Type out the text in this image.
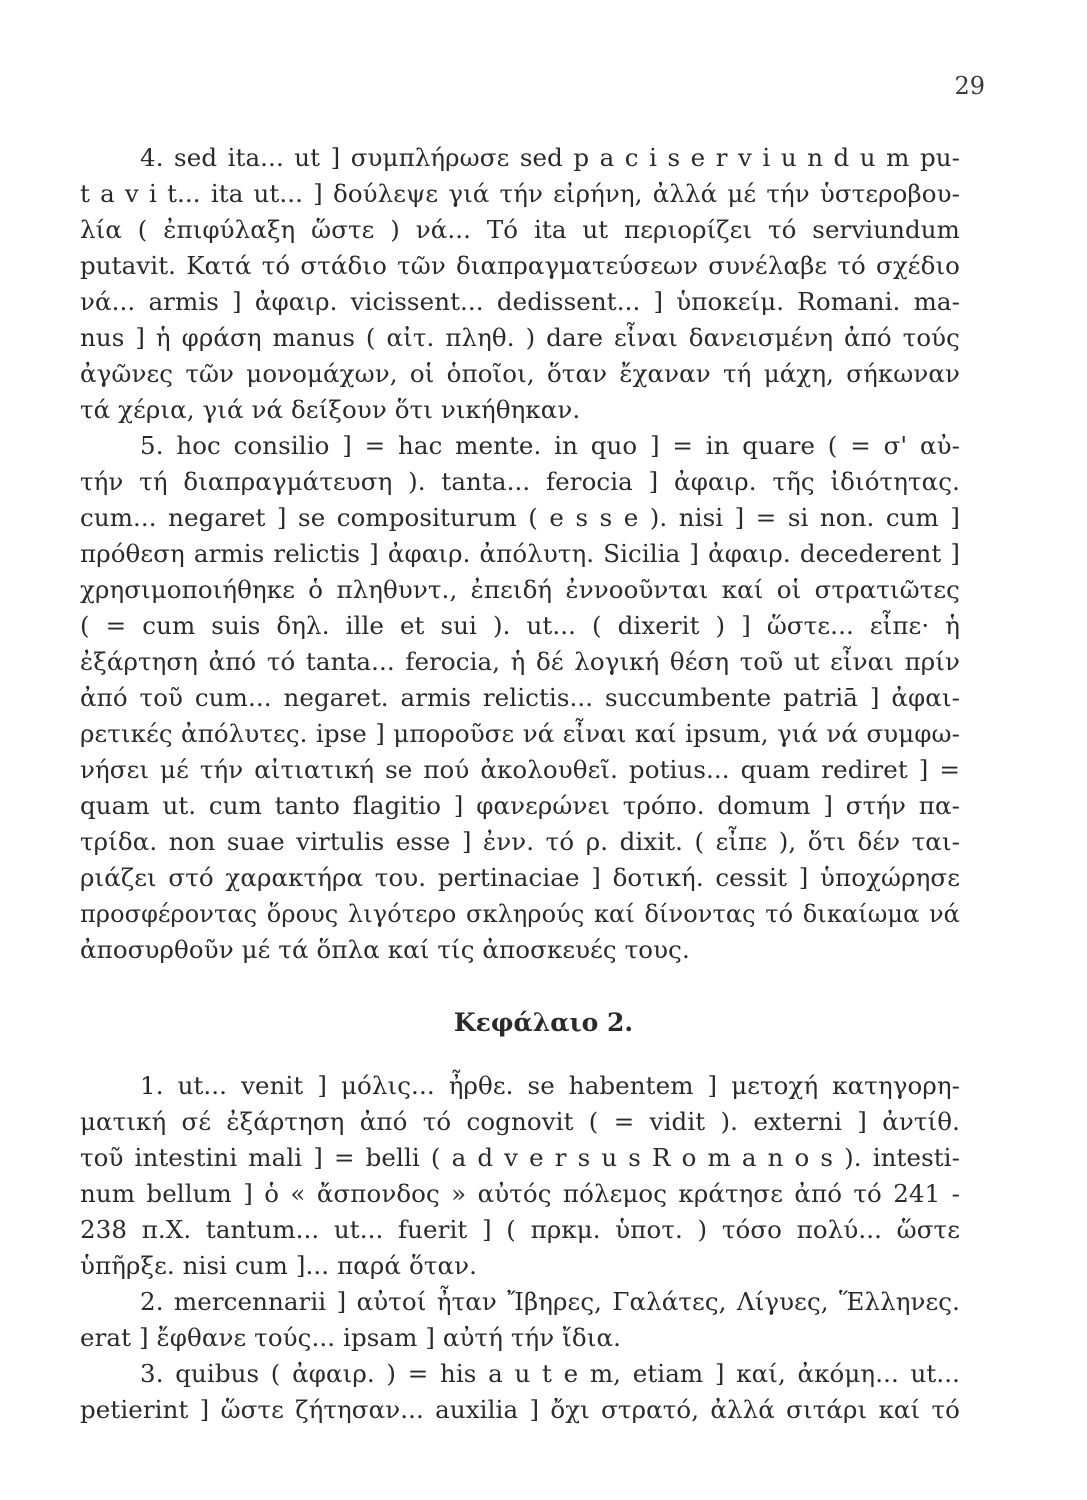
29
4. sed ita... ut ] συμπλήρωσε sed p a c i s e r v i u n d u m pu-
t a v i t... ita ut... ] δούλεψε γιά τήν εἰρήνη, ἀλλά μέ τήν ὑστεροβου-
λία ( ἐπιφύλαξη ὥστε ) νά... Τό ita ut περιορίζει τό serviundum
putavit. Κατά τό στάδιο τῶν διαπραγματεύσεων συνέλαβε τό σχέδιο
νά... armis ] ἀφαιρ. vicissent... dedissent... ] ὑποκείμ. Romani. ma-
nus ] ἡ φράση manus ( αἰτ. πληθ. ) dare εἶναι δανεισμένη ἀπό τούς
ἀγῶνες τῶν μονομάχων, οἱ ὁποῖοι, ὅταν ἔχαναν τή μάχη, σήκωναν
τά χέρια, γιά νά δείξουν ὅτι νικήθηκαν.
5. hoc consilio ] = hac mente. in quo ] = in quare ( = σ' αὐ-
τήν τή διαπραγμάτευση ). tanta... ferocia ] ἀφαιρ. τῆς ἰδιότητας.
cum... negaret ] se compositurum ( e s s e ). nisi ] = si non. cum ]
πρόθεση armis relictis ] ἀφαιρ. ἀπόλυτη. Sicilia ] ἀφαιρ. decederent ]
χρησιμοποιήθηκε ὁ πληθυντ., ἐπειδή ἐννοοῦνται καί οἱ στρατιῶτες
( = cum suis δηλ. ille et sui ). ut... ( dixerit ) ] ὥστε... εἶπε· ἡ
ἐξάρτηση ἀπό τό tanta... ferocia, ἡ δέ λογική θέση τοῦ ut εἶναι πρίν
ἀπό τοῦ cum... negaret. armis relictis... succumbente patriā ] ἀφαι-
ρετικές ἀπόλυτες. ipse ] μποροῦσε νά εἶναι καί ipsum, γιά νά συμφω-
νήσει μέ τήν αἰτιατική se πού ἀκολουθεῖ. potius... quam rediret ] =
quam ut. cum tanto flagitio ] φανερώνει τρόπο. domum ] στήν πα-
τρίδα. non suae virtulis esse ] ἐνν. τό ρ. dixit. ( εἶπε ), ὅτι δέν ται-
ριάζει στό χαρακτήρα του. pertinaciae ] δοτική. cessit ] ὑποχώρησε
προσφέροντας ὅρους λιγότερο σκληρούς καί δίνοντας τό δικαίωμα νά
ἀποσυρθοῦν μέ τά ὅπλα καί τίς ἀποσκευές τους.
Κεφάλαιο 2.
1. ut... venit ] μόλις... ἦρθε. se habentem ] μετοχή κατηγορη-
ματική σέ ἐξάρτηση ἀπό τό cognovit ( = vidit ). externi ] ἀντίθ.
τοῦ intestini mali ] = belli ( a d v e r s u s R o m a n o s ). intesti-
num bellum ] ὁ « ἄσπονδος » αὐτός πόλεμος κράτησε ἀπό τό 241 -
238 π.Χ. tantum... ut... fuerit ] ( πρκμ. ὑποτ. ) τόσο πολύ... ὥστε
ὑπῆρξε. nisi cum ]... παρά ὅταν.
2. mercennarii ] αὐτοί ἦταν Ἴβηρες, Γαλάτες, Λίγυες, Ἕλληνες.
erat ] ἔφθανε τούς... ipsam ] αὐτή τήν ἴδια.
3. quibus ( ἀφαιρ. ) = his a u t e m, etiam ] καί, ἀκόμη... ut...
petierint ] ὥστε ζήτησαν... auxilia ] ὄχι στρατό, ἀλλά σιτάρι καί τό
